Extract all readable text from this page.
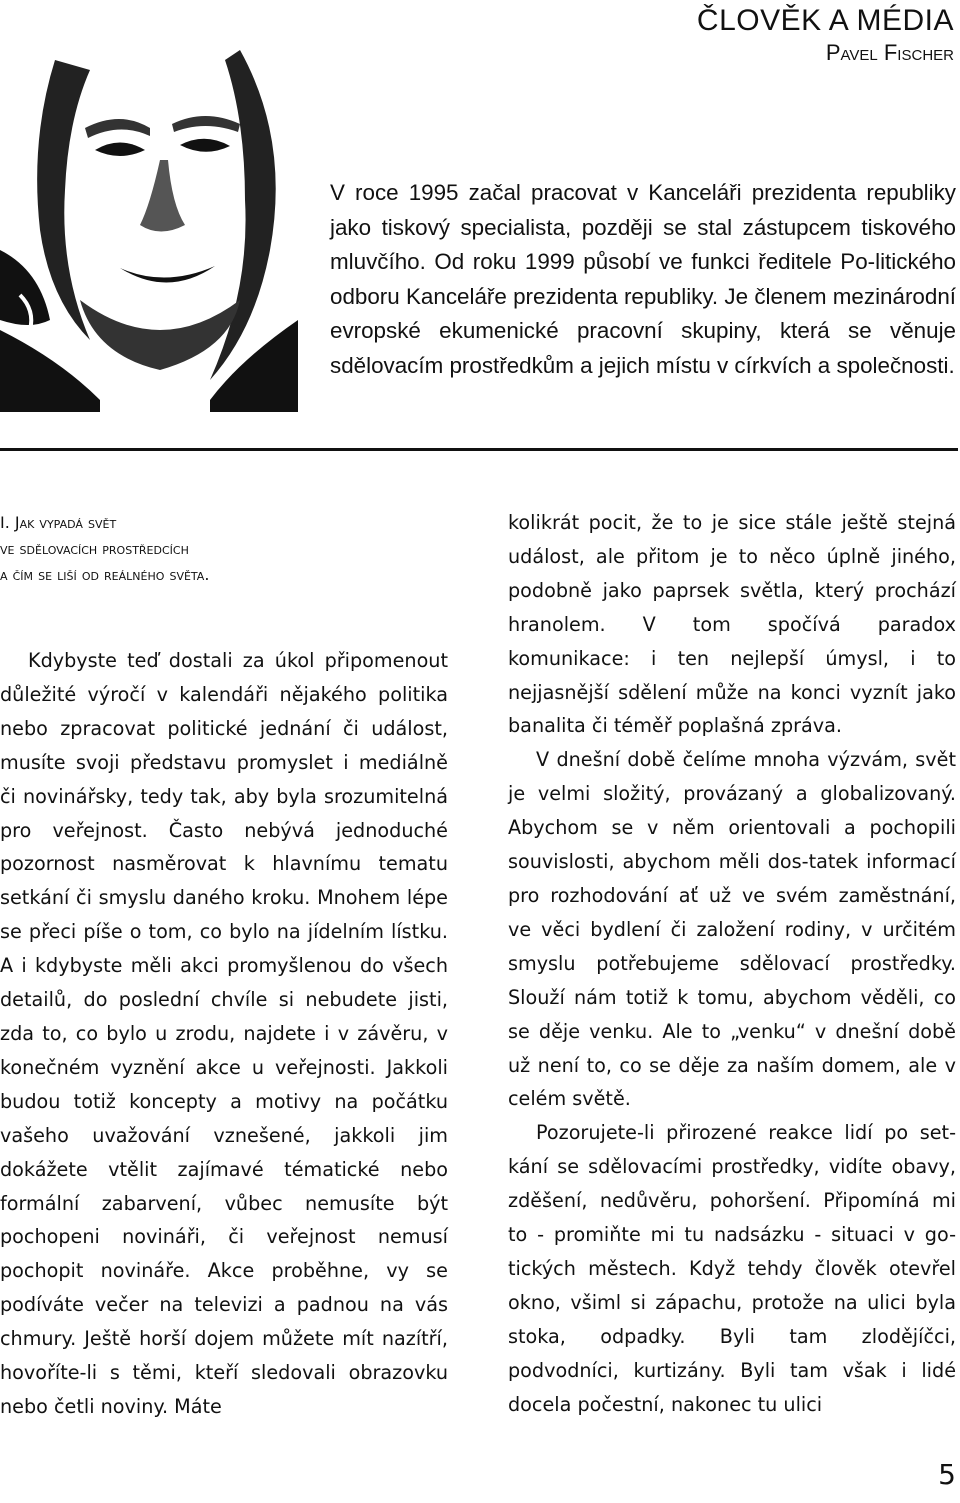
ČLOVĚK A MÉDIA
Pavel Fischer
V roce 1995 začal pracovat v Kanceláři prezidenta republiky jako tiskový specialista, později se stal zástupcem tiskového mluvčího. Od roku 1999 působí ve funkci ředitele Po-litického odboru Kanceláře prezidenta republiky. Je členem mezinárodní evropské ekumenické pracovní skupiny, která se věnuje sdělovacím prostředkům a jejich místu v církvích a společnosti.
I. Jak vypadá svět
ve sdělovacích prostředcích
a čím se liší od reálného světa.

Kdybyste teď dostali za úkol připomenout důležité výročí v kalendáři nějakého politika nebo zpracovat politické jednání či událost, musíte svoji představu promyslet i mediálně či novinářsky, tedy tak, aby byla srozumitelná pro veřejnost. Často nebývá jednoduché pozornost nasměrovat k hlavnímu tematu setkání či smyslu daného kroku. Mnohem lépe se přeci píše o tom, co bylo na jídelním lístku. A i kdybyste měli akci promyšlenou do všech detailů, do poslední chvíle si nebudete jisti, zda to, co bylo u zrodu, najdete i v závěru, v konečném vyznění akce u veřejnosti. Jakkoli budou totiž koncepty a motivy na počátku vašeho uvažování vznešené, jakkoli jim dokážete vtělit zajímavé tématické nebo formální zabarvení, vůbec nemusíte být pochopeni novináři, či veřejnost nemusí pochopit novináře. Akce proběhne, vy se podíváte večer na televizi a padnou na vás chmury. Ještě horší dojem můžete mít nazítří, hovoříte-li s těmi, kteří sledovali obrazovku nebo četli noviny. Máte

kolikrát pocit, že to je sice stále ještě stejná událost, ale přitom je to něco úplně jiného, podobně jako paprsek světla, který prochází hranolem. V tom spočívá paradox komunikace: i ten nejlepší úmysl, i to nejjasnější sdělení může na konci vyznít jako banalita či téměř poplašná zpráva.

V dnešní době čelíme mnoha výzvám, svět je velmi složitý, provázaný a globalizovaný. Abychom se v něm orientovali a pochopili souvislosti, abychom měli dos-tatek informací pro rozhodování ať už ve svém zaměstnání, ve věci bydlení či založení rodiny, v určitém smyslu potřebujeme sdělovací prostředky. Slouží nám totiž k tomu, abychom věděli, co se děje venku. Ale to „venku“ v dnešní době už není to, co se děje za naším domem, ale v celém světě.

Pozorujete-li přirozené reakce lidí po set-kání se sdělovacími prostředky, vidíte obavy, zděšení, nedůvěru, pohoršení. Připomíná mi to - promiňte mi tu nadsázku - situaci v go-tických městech. Když tehdy člověk otevřel okno, všiml si zápachu, protože na ulici byla stoka, odpadky. Byli tam zlodějíčci, podvodníci, kurtizány. Byli tam však i lidé docela počestní, nakonec tu ulici

5
